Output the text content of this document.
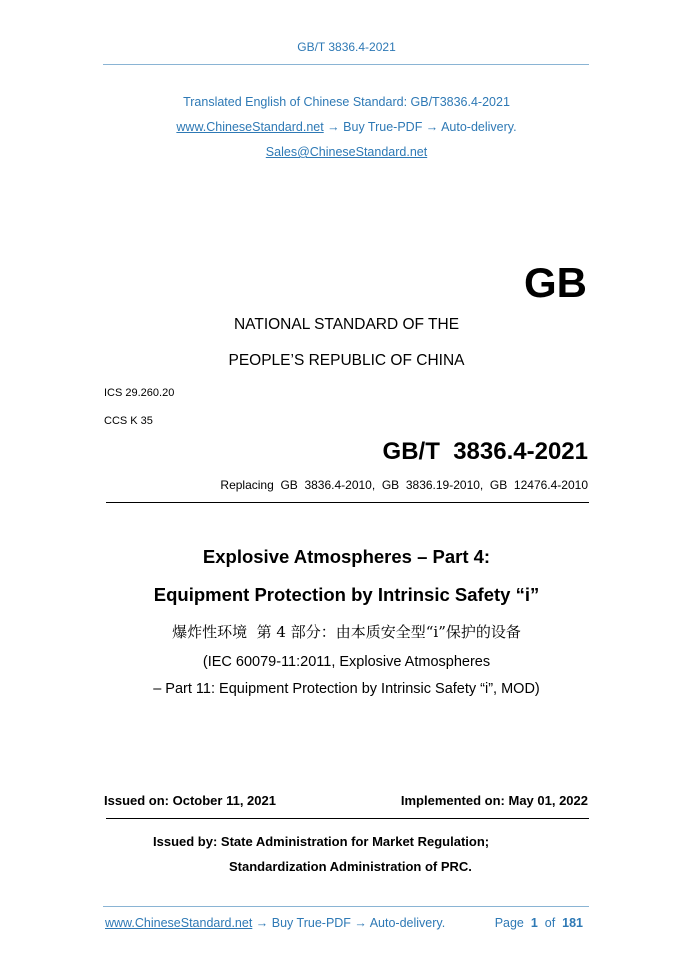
GB/T 3836.4-2021
Translated English of Chinese Standard: GB/T3836.4-2021
www.ChineseStandard.net → Buy True-PDF → Auto-delivery.
Sales@ChineseStandard.net
GB
NATIONAL STANDARD OF THE
PEOPLE’S REPUBLIC OF CHINA
ICS 29.260.20
CCS K 35
GB/T  3836.4-2021
Replacing  GB  3836.4-2010,  GB  3836.19-2010,  GB  12476.4-2010
Explosive Atmospheres – Part 4:
Equipment Protection by Intrinsic Safety “i”
爆炸性环境  第 4 部分：由本质安全型“i”保护的设备
(IEC 60079-11:2011, Explosive Atmospheres
– Part 11: Equipment Protection by Intrinsic Safety “i”, MOD)
Issued on: October 11, 2021	Implemented on: May 01, 2022
Issued by: State Administration for Market Regulation;
Standardization Administration of PRC.
www.ChineseStandard.net → Buy True-PDF → Auto-delivery.	Page 1 of 181
